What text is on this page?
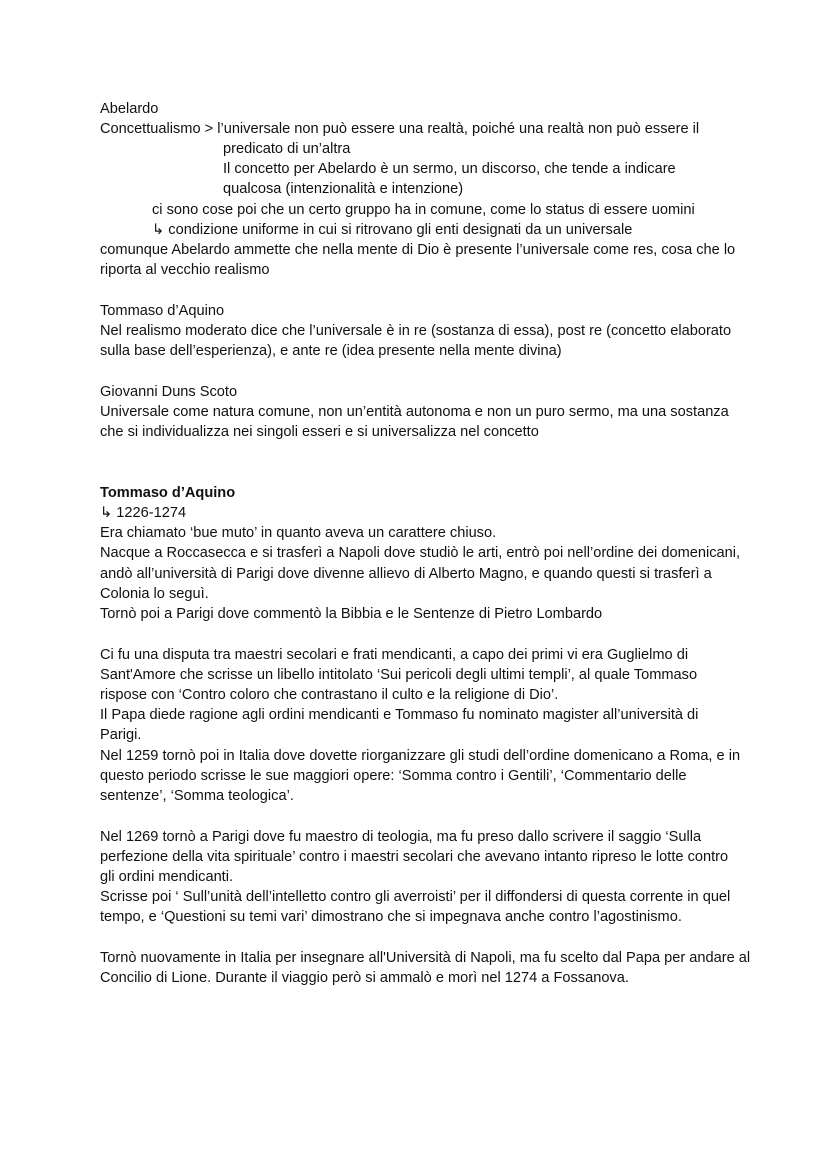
Abelardo
Concettualismo > l’universale non può essere una realtà, poiché una realtà non può essere il
predicato di un’altra
Il concetto per Abelardo è un sermo, un discorso, che tende a indicare
qualcosa (intenzionalità e intenzione)
ci sono cose poi che un certo gruppo ha in comune, come lo status di essere uomini
↳ condizione uniforme in cui si ritrovano gli enti designati da un universale
comunque Abelardo ammette che nella mente di Dio è presente l’universale come res, cosa che lo
riporta al vecchio realismo
Tommaso d’Aquino
Nel realismo moderato dice che l’universale è in re (sostanza di essa), post re (concetto elaborato
sulla base dell’esperienza), e ante re (idea presente nella mente divina)
Giovanni Duns Scoto
Universale come natura comune, non un’entità autonoma e non un puro sermo, ma una sostanza
che si individualizza nei singoli esseri e si universalizza nel concetto
Tommaso d’Aquino
↳ 1226-1274
Era chiamato ‘bue muto’ in quanto aveva un carattere chiuso.
Nacque a Roccasecca e si trasferì a Napoli dove studiò le arti, entrò poi nell’ordine dei domenicani,
andò all’università di Parigi dove divenne allievo di Alberto Magno, e quando questi si trasferì a
Colonia lo seguì.
Tornò poi a Parigi dove commentò la Bibbia e le Sentenze di Pietro Lombardo
Ci fu una disputa tra maestri secolari e frati mendicanti, a capo dei primi vi era Guglielmo di
Sant'Amore che scrisse un libello intitolato ‘Sui pericoli degli ultimi templi’, al quale Tommaso
rispose con ‘Contro coloro che contrastano il culto e la religione di Dio’.
Il Papa diede ragione agli ordini mendicanti e Tommaso fu nominato magister all’università di
Parigi.
Nel 1259 tornò poi in Italia dove dovette riorganizzare gli studi dell’ordine domenicano a Roma, e in
questo periodo scrisse le sue maggiori opere: ‘Somma contro i Gentili’, ‘Commentario delle
sentenze’, ‘Somma teologica’.
Nel 1269 tornò a Parigi dove fu maestro di teologia, ma fu preso dallo scrivere il saggio ‘Sulla
perfezione della vita spirituale’ contro i maestri secolari che avevano intanto ripreso le lotte contro
gli ordini mendicanti.
Scrisse poi ‘ Sull’unità dell’intelletto contro gli averroisti’ per il diffondersi di questa corrente in quel
tempo, e ‘Questioni su temi vari’ dimostrano che si impegnava anche contro l’agostinismo.
Tornò nuovamente in Italia per insegnare all'Università di Napoli, ma fu scelto dal Papa per andare al
Concilio di Lione. Durante il viaggio però si ammalò e morì nel 1274 a Fossanova.
